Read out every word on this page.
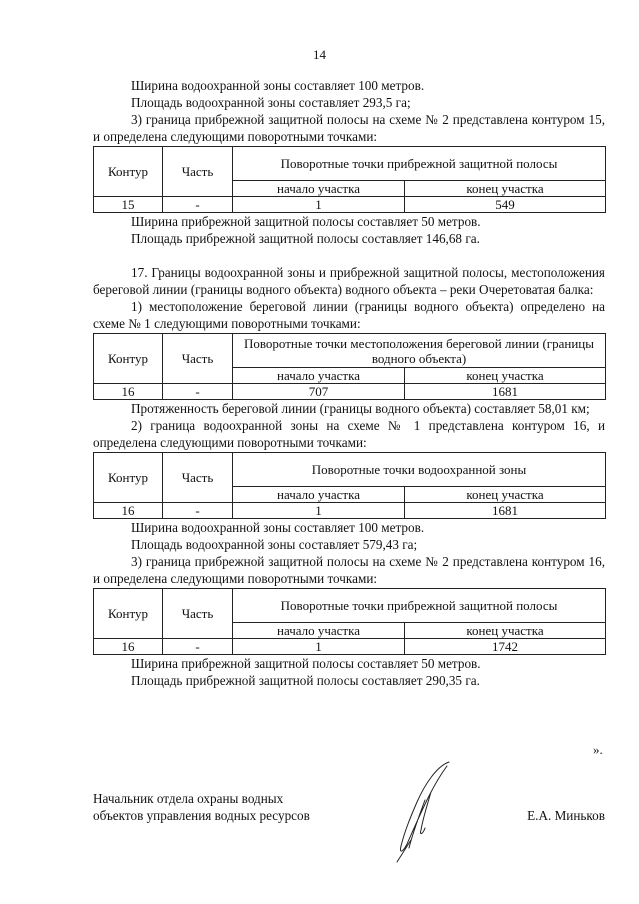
14

Ширина водоохранной зоны составляет 100 метров.

Площадь водоохранной зоны составляет 293,5 га;

3) граница прибрежной защитной полосы на схеме № 2 представлена контуром 15, и определена следующими поворотными точками:

Контур	Часть	Поворотные точки прибрежной защитной полосы	
		начало участка	конец участка
15	-	1	549

Ширина прибрежной защитной полосы составляет 50 метров.

Площадь прибрежной защитной полосы составляет 146,68 га.

17. Границы водоохранной зоны и прибрежной защитной полосы, местоположения береговой линии (границы водного объекта) водного объекта – реки Очеретоватая балка:

1) местоположение береговой линии (границы водного объекта) определено на схеме № 1 следующими поворотными точками:

Контур	Часть	Поворотные точки местоположения береговой линии (границы водного объекта)	
		начало участка	конец участка
16	-	707	1681

Протяженность береговой линии (границы водного объекта) составляет 58,01 км;

2) граница водоохранной зоны на схеме № 1 представлена контуром 16, и определена следующими поворотными точками:

Контур	Часть	Поворотные точки водоохранной зоны	
		начало участка	конец участка
16	-	1	1681

Ширина водоохранной зоны составляет 100 метров.

Площадь водоохранной зоны составляет 579,43 га;

3) граница прибрежной защитной полосы на схеме № 2 представлена контуром 16, и определена следующими поворотными точками:

Контур	Часть	Поворотные точки прибрежной защитной полосы	
		начало участка	конец участка
16	-	1	1742

Ширина прибрежной защитной полосы составляет 50 метров.

Площадь прибрежной защитной полосы составляет 290,35 га.

».
Начальник отдела охраны водных
объектов управления водных ресурсов	Е.А. Миньков
